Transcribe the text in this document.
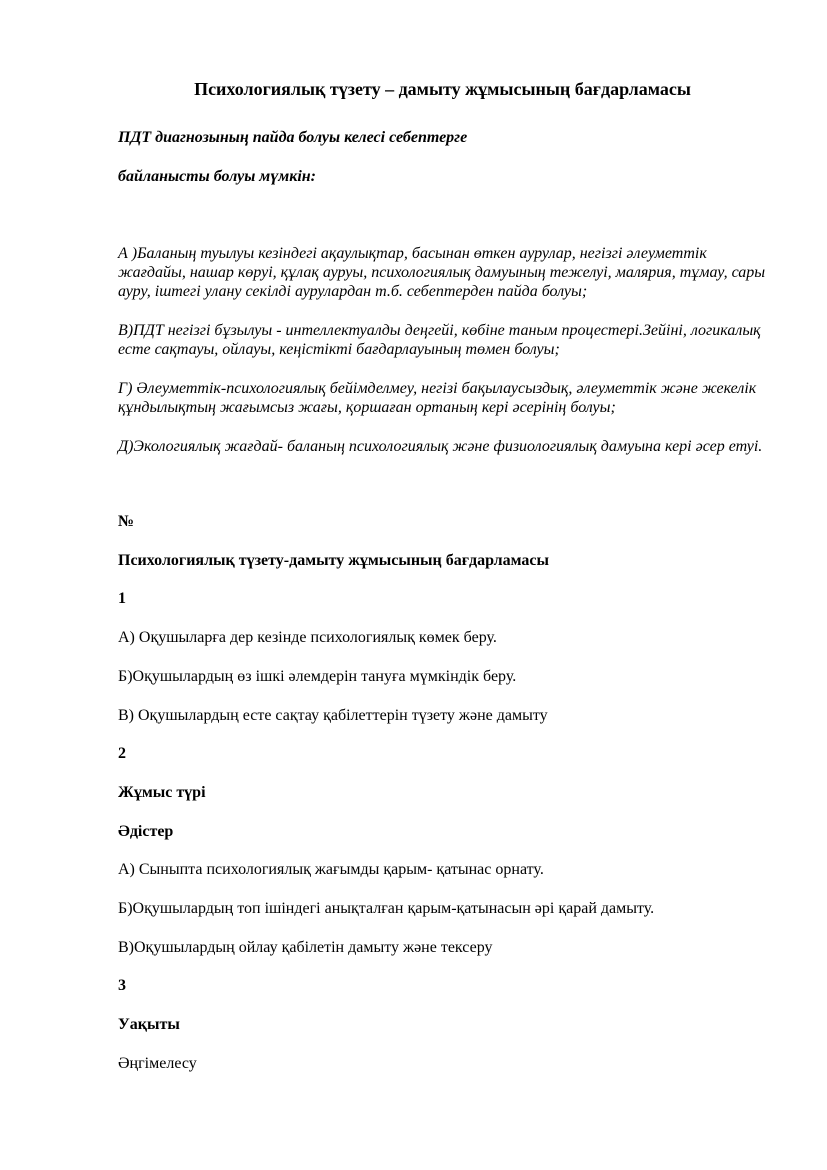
Психологиялық түзету – дамыту жұмысының бағдарламасы

ПДТ диагнозының пайда болуы келесі себептерге

байланысты болуы мүмкін:

А )Баланың туылуы кезіндегі ақаулықтар, басынан өткен аурулар, негізгі әлеуметтік жағдайы, нашар көруі, құлақ ауруы, психологиялық дамуының тежелуі, малярия, тұмау, сары ауру, іштегі улану секілді аурулардан т.б. себептерден пайда болуы;

В)ПДТ негізгі бұзылуы - интеллектуалды деңгейі, көбіне таным процестері.Зейіні, логикалық есте сақтауы, ойлауы, кеңістікті бағдарлауының төмен болуы;

Г) Әлеуметтік-психологиялық бейімделмеу, негізі бақылаусыздық, әлеуметтік және жекелік құндылықтың жағымсыз жағы, қоршаған ортаның кері әсерінің болуы;

Д)Экологиялық жағдай- баланың психологиялық және физиологиялық дамуына кері әсер етуі.

№

Психологиялық түзету-дамыту жұмысының бағдарламасы

1

А) Оқушыларға дер кезінде психологиялық көмек беру.

Б)Оқушылардың өз ішкі әлемдерін тануға мүмкіндік беру.

В) Оқушылардың есте сақтау қабілеттерін түзету және дамыту

2

Жұмыс түрі

Әдістер

А) Сыныпта психологиялық жағымды қарым- қатынас орнату.

Б)Оқушылардың топ ішіндегі анықталған қарым-қатынасын әрі қарай дамыту.

В)Оқушылардың ойлау қабілетін дамыту және тексеру

3

Уақыты

Әңгімелесу
